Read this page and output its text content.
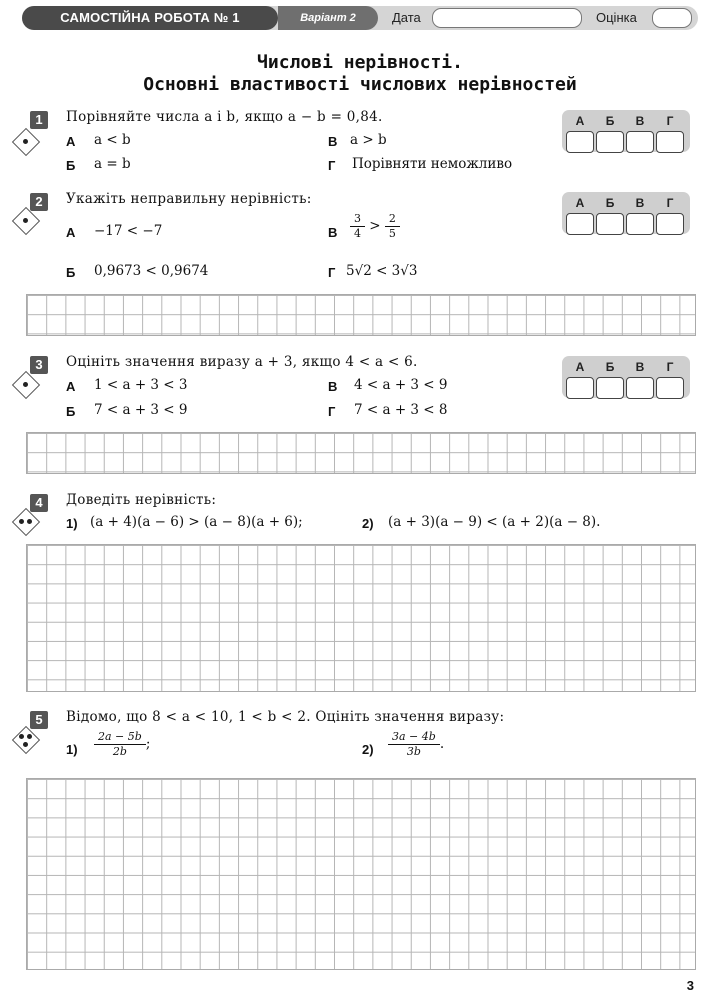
САМОСТІЙНА РОБОТА № 1	Варіант 2	Дата	Оцінка
Числові нерівності.
Основні властивості числових нерівностей
1	Порівняйте числа a і b, якщо a − b = 0,84.
А a < b	В a > b
Б a = b	Г Порівняти неможливо
А	Б	В	Г
2	Укажіть неправильну нерівність:
А −17 < −7	В $\frac{3}{4} > \frac{2}{5}$
Б 0,9673 < 0,9674	Г 5√2 < 3√3
А	Б	В	Г
3	Оцініть значення виразу a + 3, якщо 4 < a < 6.
А 1 < a + 3 < 3	В 4 < a + 3 < 9
Б 7 < a + 3 < 9	Г 7 < a + 3 < 8
А	Б	В	Г
4	Доведіть нерівність:
1) (a + 4)(a − 6) > (a − 8)(a + 6);	2) (a + 3)(a − 9) < (a + 2)(a − 8).
5	Відомо, що 8 < a < 10, 1 < b < 2. Оцініть значення виразу:
$1) \frac{2a - 5b}{2b}$ ;	$2) \frac{3a - 4b}{3b}$ .
3
